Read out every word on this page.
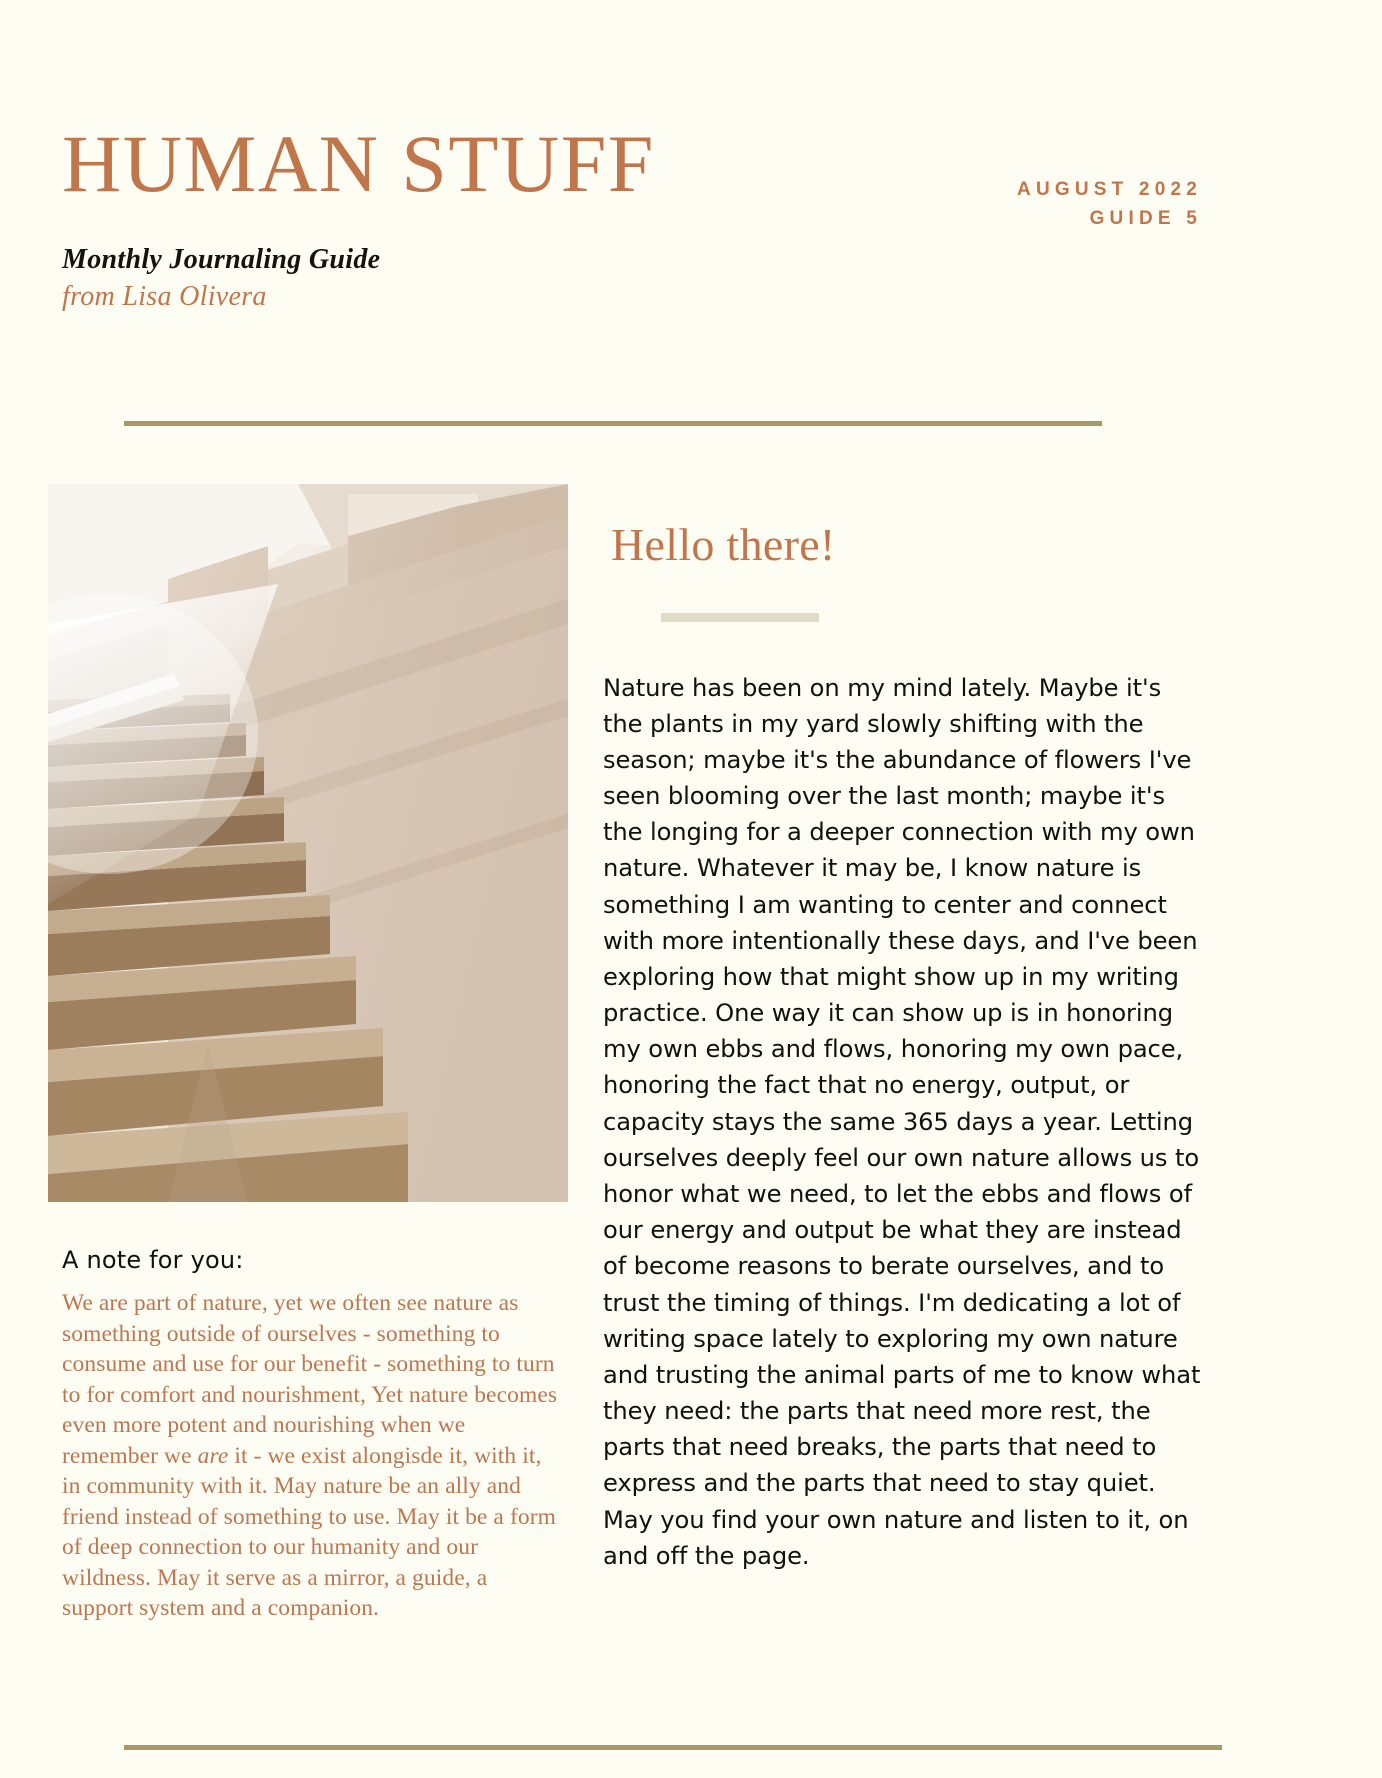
HUMAN STUFF
Monthly Journaling Guide
from Lisa Olivera
AUGUST 2022
GUIDE 5
A note for you:
We are part of nature, yet we often see nature as something outside of ourselves - something to consume and use for our benefit - something to turn to for comfort and nourishment, Yet nature becomes even more potent and nourishing when we remember we are it - we exist alongisde it, with it, in community with it. May nature be an ally and friend instead of something to use. May it be a form of deep connection to our humanity and our wildness. May it serve as a mirror, a guide, a support system and a companion.
Hello there!
Nature has been on my mind lately. Maybe it's the plants in my yard slowly shifting with the season; maybe it's the abundance of flowers I've seen blooming over the last month; maybe it's the longing for a deeper connection with my own nature. Whatever it may be, I know nature is something I am wanting to center and connect with more intentionally these days, and I've been exploring how that might show up in my writing practice. One way it can show up is in honoring my own ebbs and flows, honoring my own pace, honoring the fact that no energy, output, or capacity stays the same 365 days a year. Letting ourselves deeply feel our own nature allows us to honor what we need, to let the ebbs and flows of our energy and output be what they are instead of become reasons to berate ourselves, and to trust the timing of things. I'm dedicating a lot of writing space lately to exploring my own nature and trusting the animal parts of me to know what they need: the parts that need more rest, the parts that need breaks, the parts that need to express and the parts that need to stay quiet. May you find your own nature and listen to it, on and off the page.
